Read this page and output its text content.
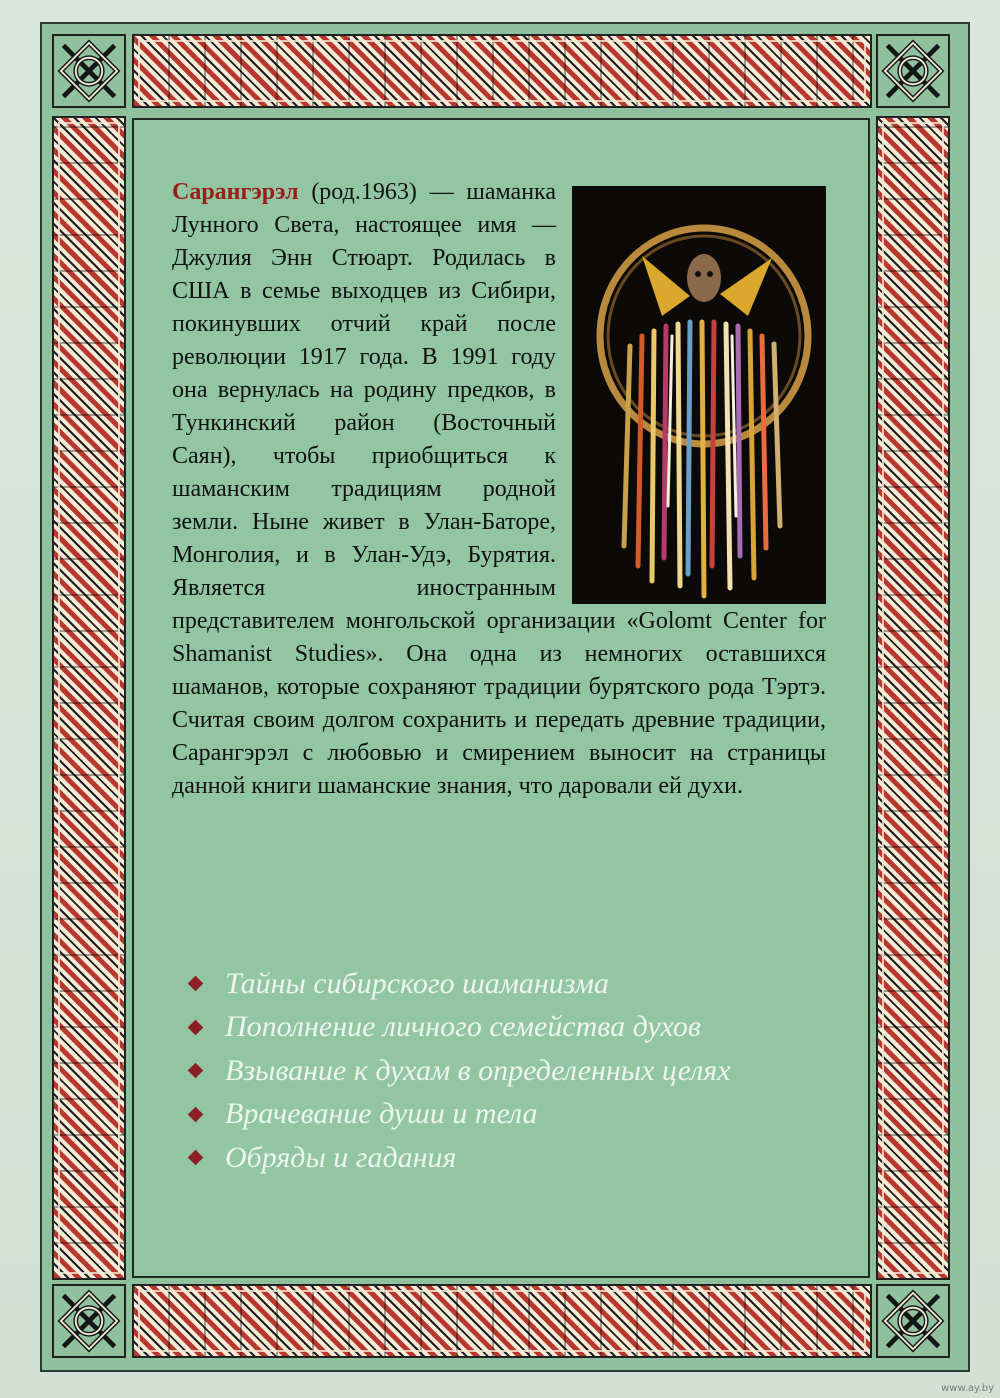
Сарангэрэл (род.1963) — шаманка Лунного Света, настоящее имя — Джулия Энн Стюарт. Родилась в США в семье выходцев из Сибири, покинувших отчий край после революции 1917 года. В 1991 году она вернулась на родину предков, в Тункинский район (Восточный Саян), чтобы приобщиться к шаманским традициям родной земли. Ныне живет в Улан-Баторе, Монголия, и в Улан-Удэ, Бурятия. Является иностранным представителем монгольской организации «Golomt Center for Shamanist Studies». Она одна из немногих оставшихся шаманов, которые сохраняют традиции бурятского рода Тэртэ. Считая своим долгом сохранить и передать древние традиции, Сарангэрэл с любовью и смирением выносит на страницы данной книги шаманские знания, что даровали ей духи.
Тайны сибирского шаманизма
Пополнение личного семейства духов
Взывание к духам в определенных целях
Врачевание души и тела
Обряды и гадания
www.ay.by
